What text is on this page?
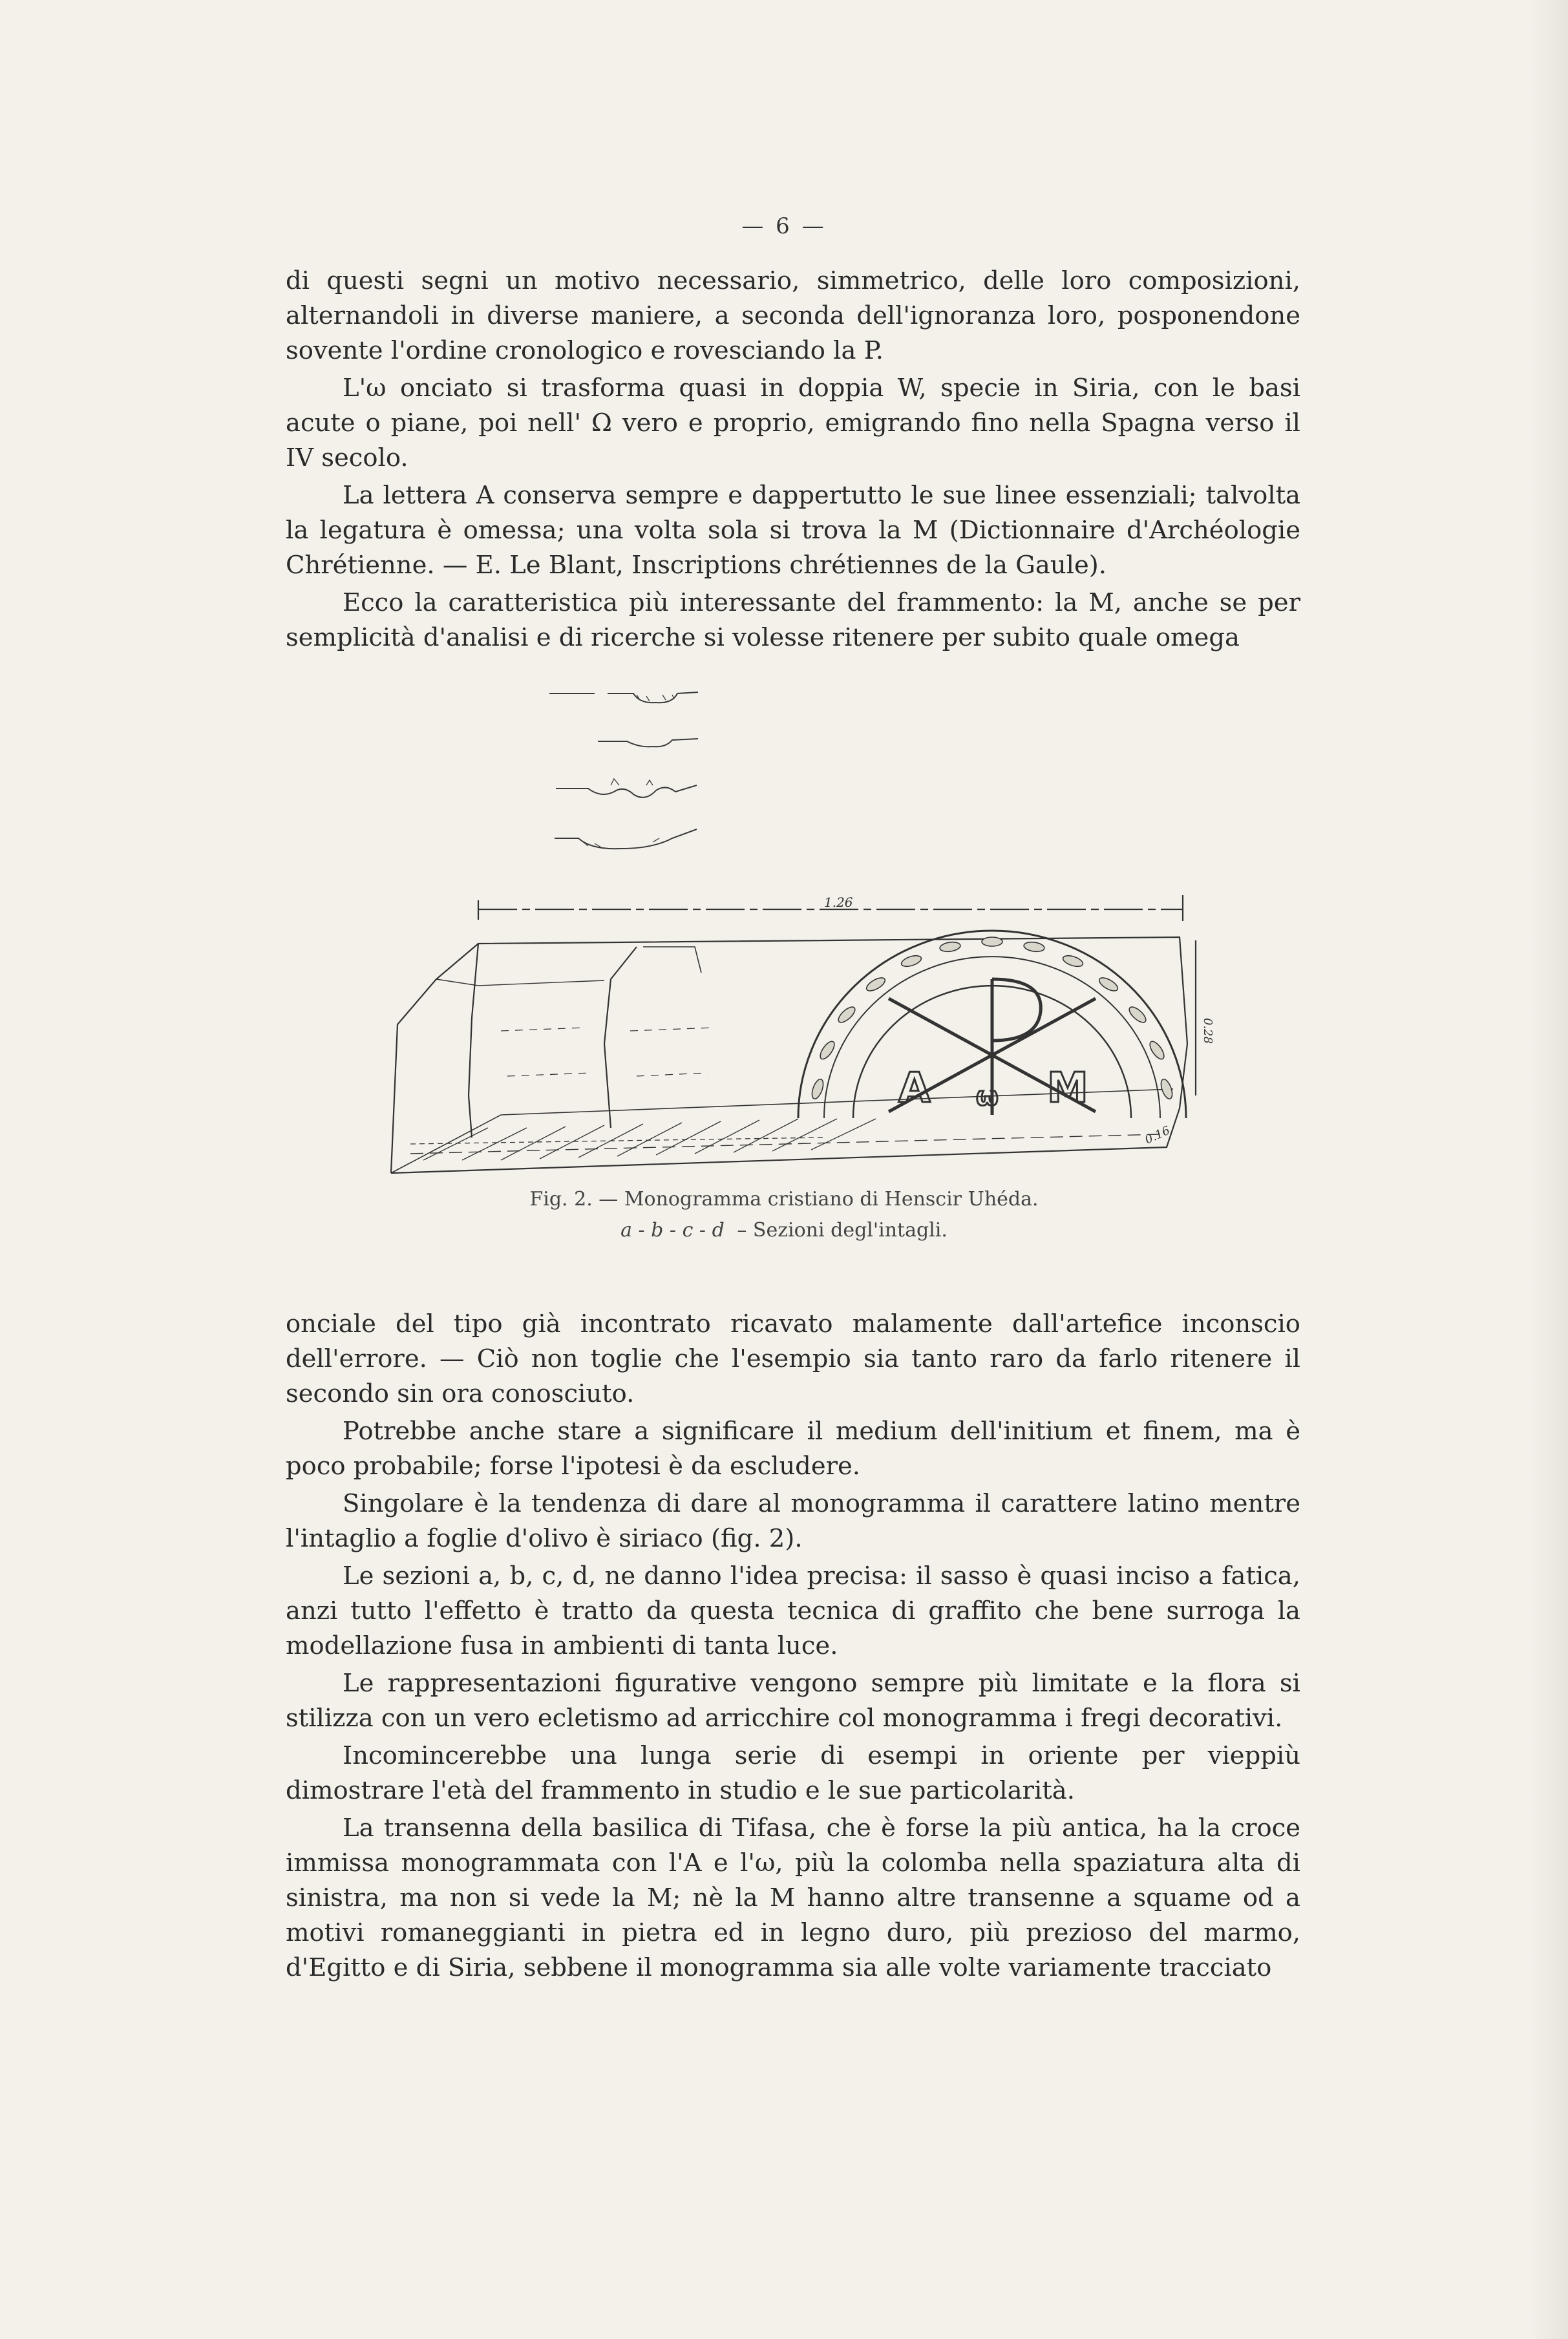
— 6 —

di questi segni un motivo necessario, simmetrico, delle loro composizioni, alternandoli in diverse maniere, a seconda dell'ignoranza loro, posponendone sovente l'ordine cronologico e rovesciando la P.

L'ω onciato si trasforma quasi in doppia W, specie in Siria, con le basi acute o piane, poi nell' Ω vero e proprio, emigrando fino nella Spagna verso il IV secolo.

La lettera A conserva sempre e dappertutto le sue linee essenziali; talvolta la legatura è omessa; una volta sola si trova la M (Dictionnaire d'Archéologie Chrétienne. — E. Le Blant, Inscriptions chrétiennes de la Gaule).

Ecco la caratteristica più interessante del frammento: la M, anche se per semplicità d'analisi e di ricerche si volesse ritenere per subito quale omega

1.26
0.28
0.16
A ω M
Fig. 2. — Monogramma cristiano di Henscir Uhéda.
a - b - c - d – Sezioni degl'intagli.

onciale del tipo già incontrato ricavato malamente dall'artefice inconscio dell'errore. — Ciò non toglie che l'esempio sia tanto raro da farlo ritenere il secondo sin ora conosciuto.

Potrebbe anche stare a significare il medium dell'initium et finem, ma è poco probabile; forse l'ipotesi è da escludere.

Singolare è la tendenza di dare al monogramma il carattere latino mentre l'intaglio a foglie d'olivo è siriaco (fig. 2).

Le sezioni a, b, c, d, ne danno l'idea precisa: il sasso è quasi inciso a fatica, anzi tutto l'effetto è tratto da questa tecnica di graffito che bene surroga la modellazione fusa in ambienti di tanta luce.

Le rappresentazioni figurative vengono sempre più limitate e la flora si stilizza con un vero ecletismo ad arricchire col monogramma i fregi decorativi.

Incomincerebbe una lunga serie di esempi in oriente per vieppiù dimostrare l'età del frammento in studio e le sue particolarità.

La transenna della basilica di Tifasa, che è forse la più antica, ha la croce immissa monogrammata con l'A e l'ω, più la colomba nella spaziatura alta di sinistra, ma non si vede la M; nè la M hanno altre transenne a squame od a motivi romaneggianti in pietra ed in legno duro, più prezioso del marmo, d'Egitto e di Siria, sebbene il monogramma sia alle volte variamente tracciato
